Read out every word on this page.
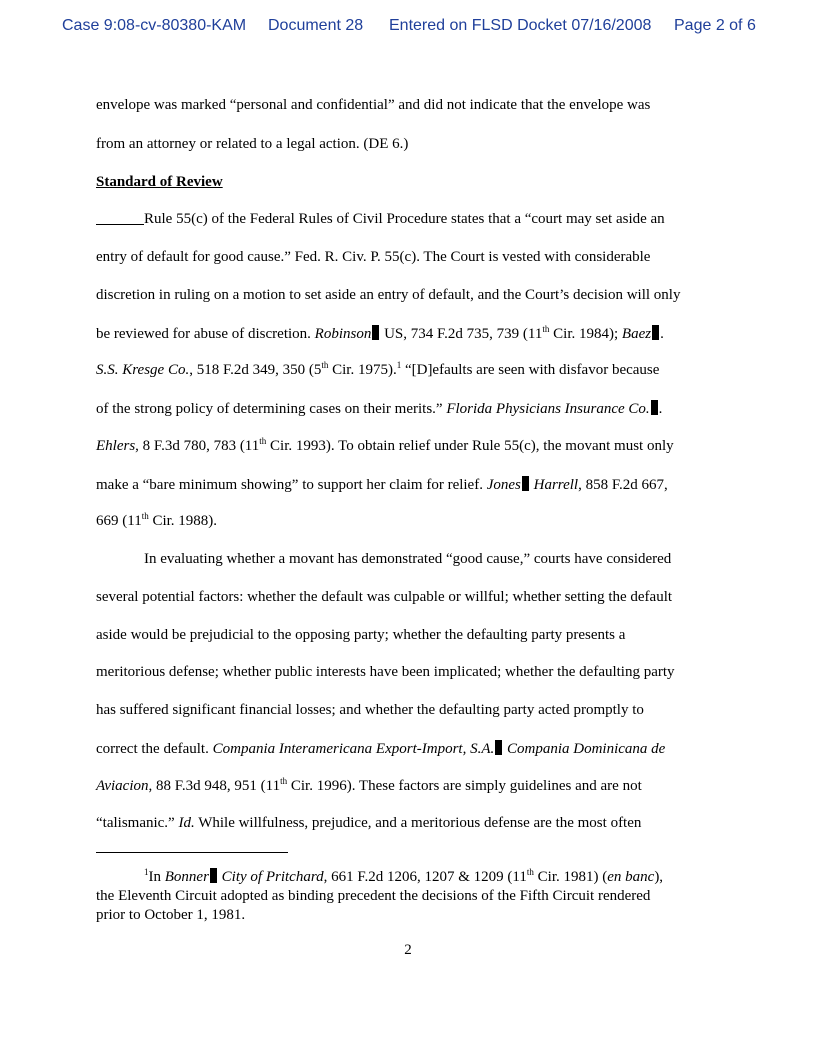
Case 9:08-cv-80380-KAM Document 28 Entered on FLSD Docket 07/16/2008 Page 2 of 6
envelope was marked “personal and confidential” and did not indicate that the envelope was
from an attorney or related to a legal action. (DE 6.)
Standard of Review
Rule 55(c) of the Federal Rules of Civil Procedure states that a “court may set aside an
entry of default for good cause.” Fed. R. Civ. P. 55(c). The Court is vested with considerable
discretion in ruling on a motion to set aside an entry of default, and the Court’s decision will only
be reviewed for abuse of discretion. Robinson US, 734 F.2d 735, 739 (11th Cir. 1984); Baez .
S.S. Kresge Co., 518 F.2d 349, 350 (5th Cir. 1975).$^1$ “[D]efaults are seen with disfavor because
of the strong policy of determining cases on their merits.” Florida Physicians Insurance Co. .
Ehlers, 8 F.3d 780, 783 (11th Cir. 1993). To obtain relief under Rule 55(c), the movant must only
make a “bare minimum showing” to support her claim for relief. Jones Harrell, 858 F.2d 667,
669 (11th Cir. 1988).
In evaluating whether a movant has demonstrated “good cause,” courts have considered
several potential factors: whether the default was culpable or willful; whether setting the default
aside would be prejudicial to the opposing party; whether the defaulting party presents a
meritorious defense; whether public interests have been implicated; whether the defaulting party
has suffered significant financial losses; and whether the defaulting party acted promptly to
correct the default. Compania Interamericana Export-Import, S.A. Compania Dominicana de
Aviacion, 88 F.3d 948, 951 (11th Cir. 1996). These factors are simply guidelines and are not
“talismanic.” Id. While willfulness, prejudice, and a meritorious defense are the most often
$^1$In Bonner City of Pritchard, 661 F.2d 1206, 1207 & 1209 (11th Cir. 1981) (en banc),
the Eleventh Circuit adopted as binding precedent the decisions of the Fifth Circuit rendered
prior to October 1, 1981.
2
